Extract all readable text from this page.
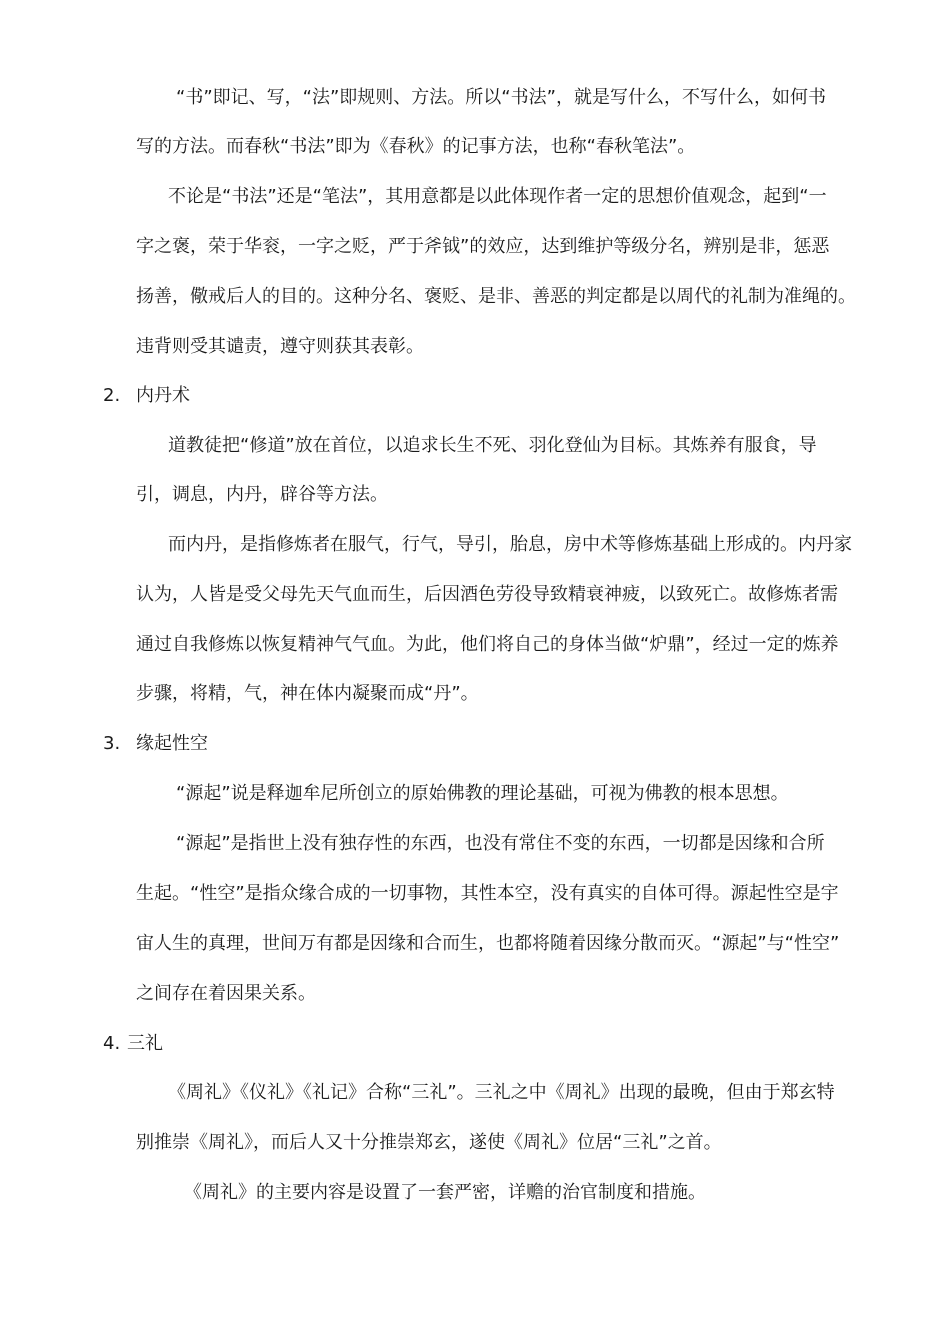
“书”即记、写，“法”即规则、方法。所以“书法”，就是写什么，不写什么，如何书
写的方法。而春秋“书法”即为《春秋》的记事方法，也称“春秋笔法”。
不论是“书法”还是“笔法”，其用意都是以此体现作者一定的思想价值观念，起到“一
字之褒，荣于华衮，一字之贬，严于斧钺”的效应，达到维护等级分名，辨别是非，惩恶
扬善，儆戒后人的目的。这种分名、褒贬、是非、善恶的判定都是以周代的礼制为准绳的。
违背则受其谴责，遵守则获其表彰。
2. 内丹术
道教徒把“修道”放在首位，以追求长生不死、羽化登仙为目标。其炼养有服食，导
引，调息，内丹，辟谷等方法。
而内丹，是指修炼者在服气，行气，导引，胎息，房中术等修炼基础上形成的。内丹家
认为，人皆是受父母先天气血而生，后因酒色劳役导致精衰神疲，以致死亡。故修炼者需
通过自我修炼以恢复精神气气血。为此，他们将自己的身体当做“炉鼎”，经过一定的炼养
步骤，将精，气，神在体内凝聚而成“丹”。
3. 缘起性空
“源起”说是释迦牟尼所创立的原始佛教的理论基础，可视为佛教的根本思想。
“源起”是指世上没有独存性的东西，也没有常住不变的东西，一切都是因缘和合所
生起。“性空”是指众缘合成的一切事物，其性本空，没有真实的自体可得。源起性空是宇
宙人生的真理，世间万有都是因缘和合而生，也都将随着因缘分散而灭。“源起”与“性空”
之间存在着因果关系。
4. 三礼
《周礼》《仪礼》《礼记》合称“三礼”。三礼之中《周礼》出现的最晚，但由于郑玄特
别推崇《周礼》，而后人又十分推崇郑玄，遂使《周礼》位居“三礼”之首。
《周礼》的主要内容是设置了一套严密，详赡的治官制度和措施。
